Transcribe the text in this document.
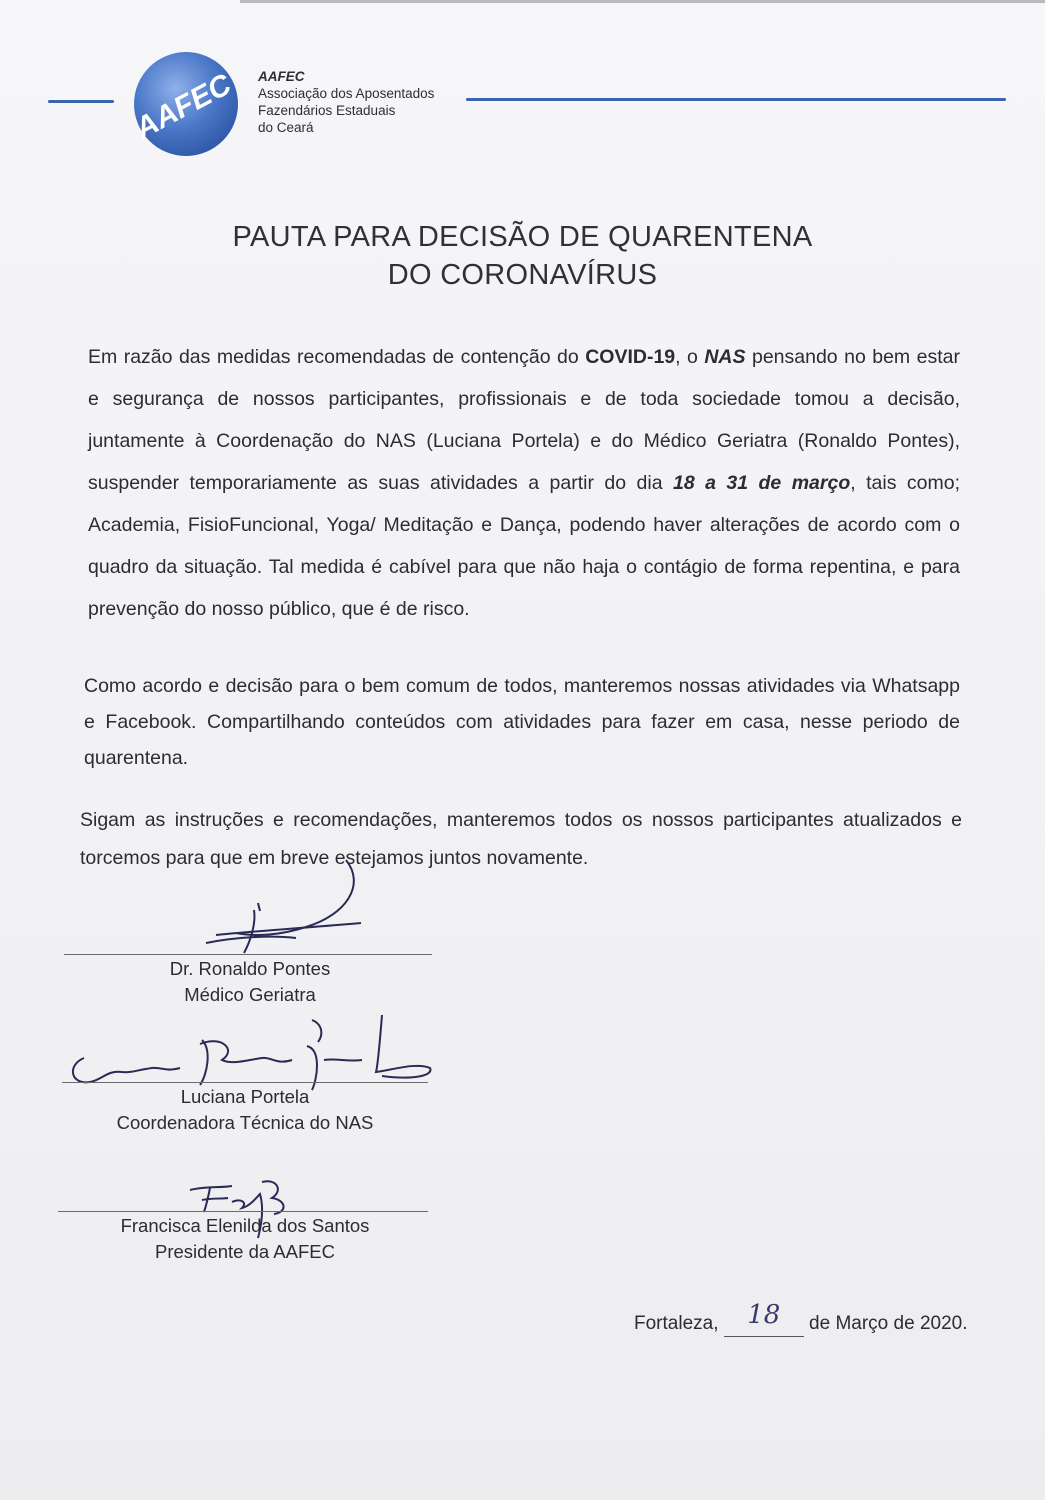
AAFEC AAFEC
Associação dos Aposentados
Fazendários Estaduais
do Ceará
PAUTA PARA DECISÃO DE QUARENTENA
DO CORONAVÍRUS
Em razão das medidas recomendadas de contenção do COVID-19, o NAS pensando no bem estar e segurança de nossos participantes, profissionais e de toda sociedade tomou a decisão, juntamente à Coordenação do NAS (Luciana Portela) e do Médico Geriatra (Ronaldo Pontes), suspender temporariamente as suas atividades a partir do dia 18 a 31 de março, tais como; Academia, FisioFuncional, Yoga/ Meditação e Dança, podendo haver alterações de acordo com o quadro da situação. Tal medida é cabível para que não haja o contágio de forma repentina, e para prevenção do nosso público, que é de risco.
Como acordo e decisão para o bem comum de todos, manteremos nossas atividades via Whatsapp e Facebook. Compartilhando conteúdos com atividades para fazer em casa, nesse periodo de quarentena.
Sigam as instruções e recomendações, manteremos todos os nossos participantes atualizados e torcemos para que em breve estejamos juntos novamente.
Dr. Ronaldo Pontes
Médico Geriatra
Luciana Portela
Coordenadora Técnica do NAS
Francisca Elenilda dos Santos
Presidente da AAFEC
Fortaleza, 18 de Março de 2020.
